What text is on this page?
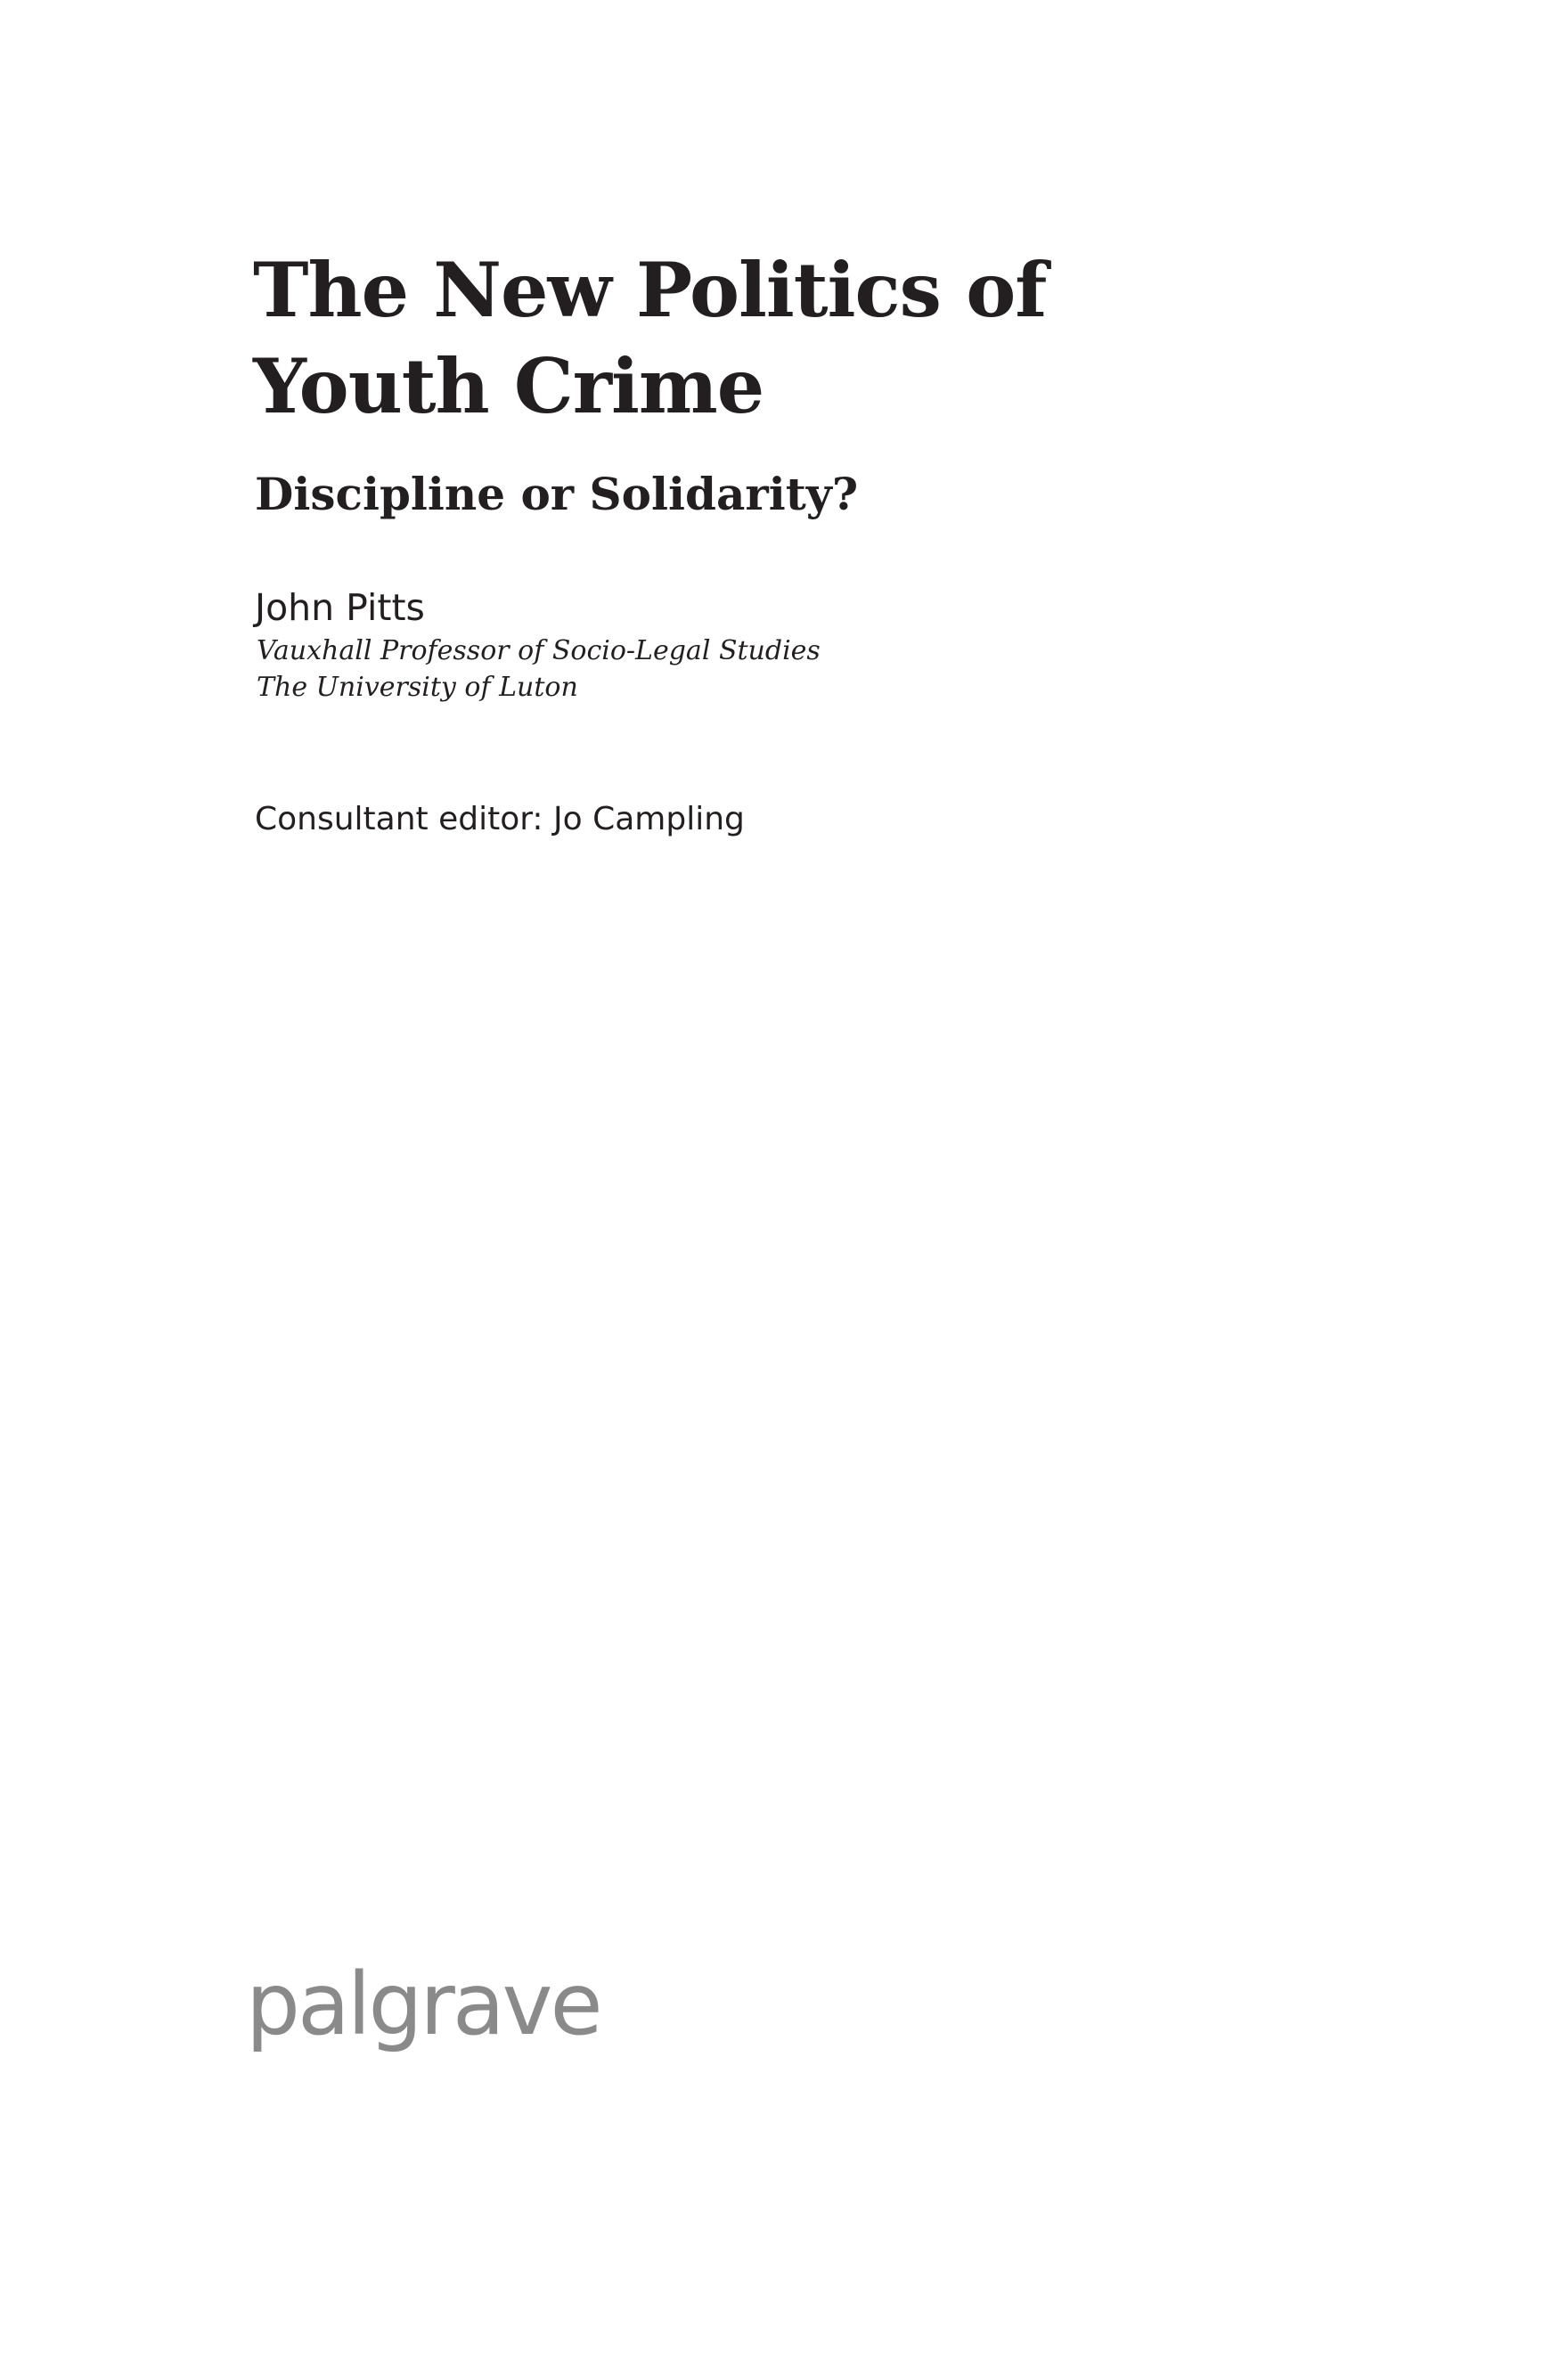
The New Politics of
Youth Crime
Discipline or Solidarity?
John Pitts
Vauxhall Professor of Socio-Legal Studies
The University of Luton
Consultant editor: Jo Campling
palgrave
